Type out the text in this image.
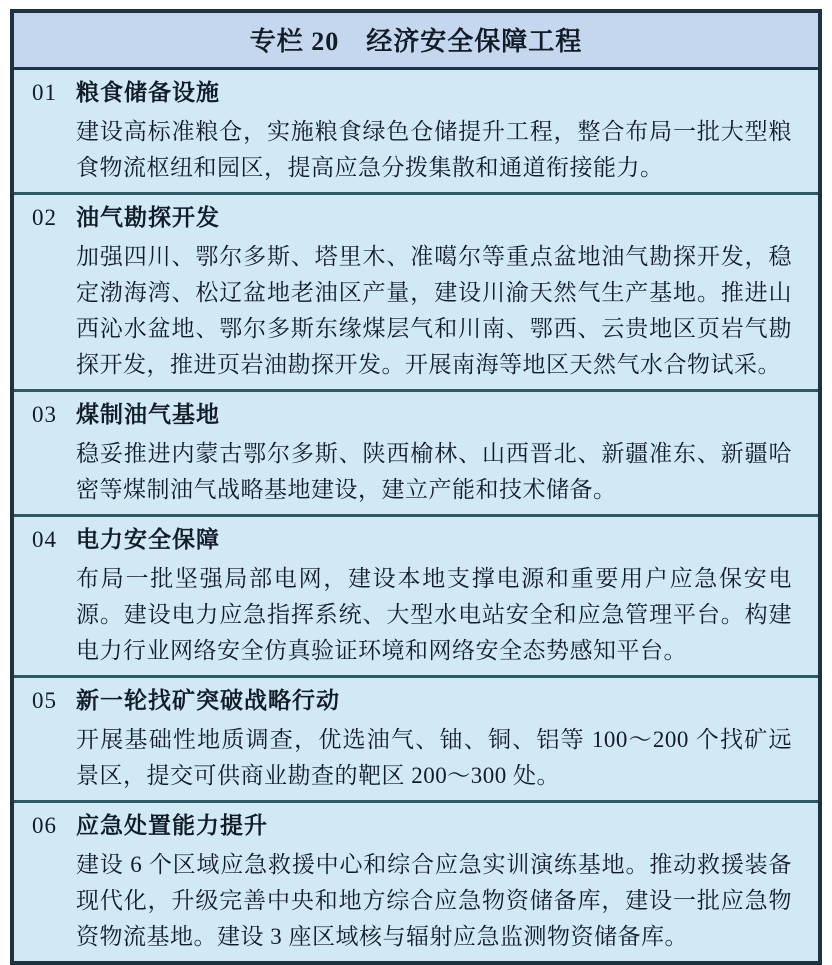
专栏 20　经济安全保障工程
01 粮食储备设施

建设高标准粮仓，实施粮食绿色仓储提升工程，整合布局一批大型粮食物流枢纽和园区，提高应急分拨集散和通道衔接能力。

02 油气勘探开发

加强四川、鄂尔多斯、塔里木、准噶尔等重点盆地油气勘探开发，稳定渤海湾、松辽盆地老油区产量，建设川渝天然气生产基地。推进山西沁水盆地、鄂尔多斯东缘煤层气和川南、鄂西、云贵地区页岩气勘探开发，推进页岩油勘探开发。开展南海等地区天然气水合物试采。

03 煤制油气基地

稳妥推进内蒙古鄂尔多斯、陕西榆林、山西晋北、新疆准东、新疆哈密等煤制油气战略基地建设，建立产能和技术储备。

04 电力安全保障

布局一批坚强局部电网，建设本地支撑电源和重要用户应急保安电源。建设电力应急指挥系统、大型水电站安全和应急管理平台。构建电力行业网络安全仿真验证环境和网络安全态势感知平台。

05 新一轮找矿突破战略行动

开展基础性地质调查，优选油气、铀、铜、铝等 100～200 个找矿远景区，提交可供商业勘查的靶区 200～300 处。

06 应急处置能力提升

建设 6 个区域应急救援中心和综合应急实训演练基地。推动救援装备现代化，升级完善中央和地方综合应急物资储备库，建设一批应急物资物流基地。建设 3 座区域核与辐射应急监测物资储备库。
